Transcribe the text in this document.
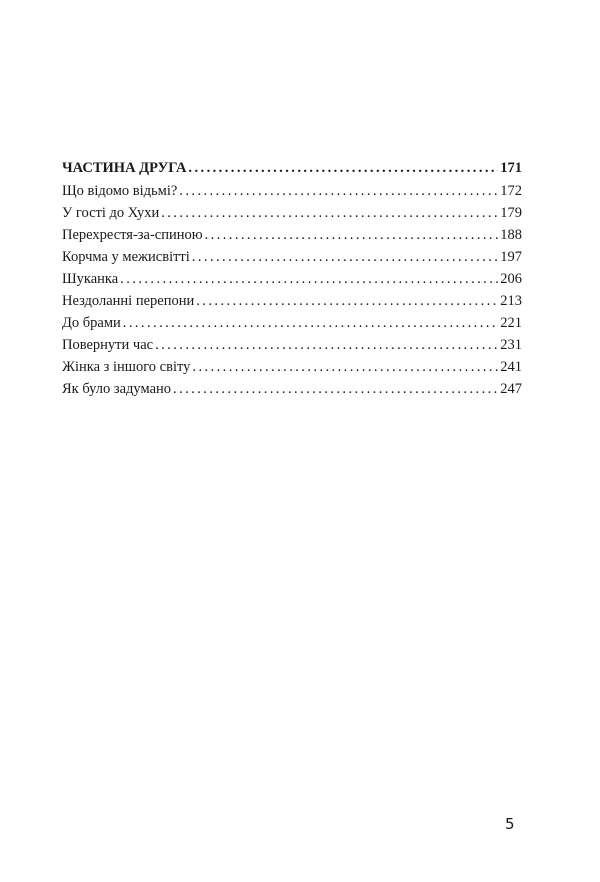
ЧАСТИНА ДРУГА . . .	171
Що відомо відьмі? . . .	172
У гості до Хухи . . .	179
Перехрестя-за-спиною . . .	188
Корчма у межисвітті . . .	197
Шуканка . . .	206
Нездоланні перепони . . .	213
До брами . . .	221
Повернути час . . .	231
Жінка з іншого світу . . .	241
Як було задумано . . .	247
5
